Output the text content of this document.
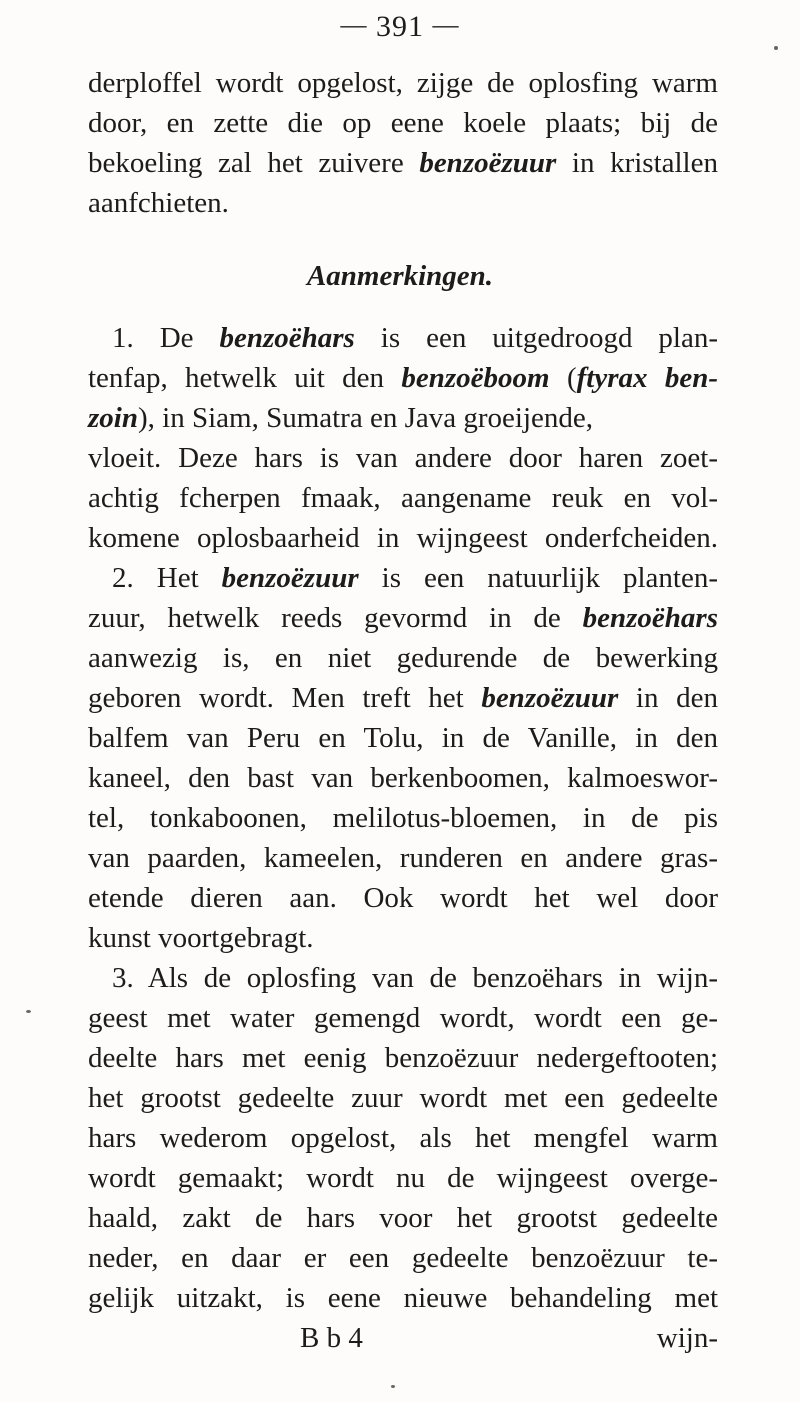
— 391 —
derploffel wordt opgelost, zijge de oplosfing warm
door, en zette die op eene koele plaats; bij de
bekoeling zal het zuivere benzoëzuur in kristallen
aanfchieten.
Aanmerkingen.
1. De benzoëhars is een uitgedroogd plan-
tenfap, hetwelk uit den benzoëboom (ftyrax ben-
zoin), in Siam, Sumatra en Java groeijende,
vloeit. Deze hars is van andere door haren zoet-
achtig fcherpen fmaak, aangename reuk en vol-
komene oplosbaarheid in wijngeest onderfcheiden.
2. Het benzoëzuur is een natuurlijk planten-
zuur, hetwelk reeds gevormd in de benzoëhars
aanwezig is, en niet gedurende de bewerking
geboren wordt. Men treft het benzoëzuur in den
balfem van Peru en Tolu, in de Vanille, in den
kaneel, den bast van berkenboomen, kalmoeswor-
tel, tonkaboonen, melilotus-bloemen, in de pis
van paarden, kameelen, runderen en andere gras-
etende dieren aan. Ook wordt het wel door
kunst voortgebragt.
3. Als de oplosfing van de benzoëhars in wijn-
geest met water gemengd wordt, wordt een ge-
deelte hars met eenig benzoëzuur nedergeftooten;
het grootst gedeelte zuur wordt met een gedeelte
hars wederom opgelost, als het mengfel warm
wordt gemaakt; wordt nu de wijngeest overge-
haald, zakt de hars voor het grootst gedeelte
neder, en daar er een gedeelte benzoëzuur te-
gelijk uitzakt, is eene nieuwe behandeling met
B b 4	wijn-
